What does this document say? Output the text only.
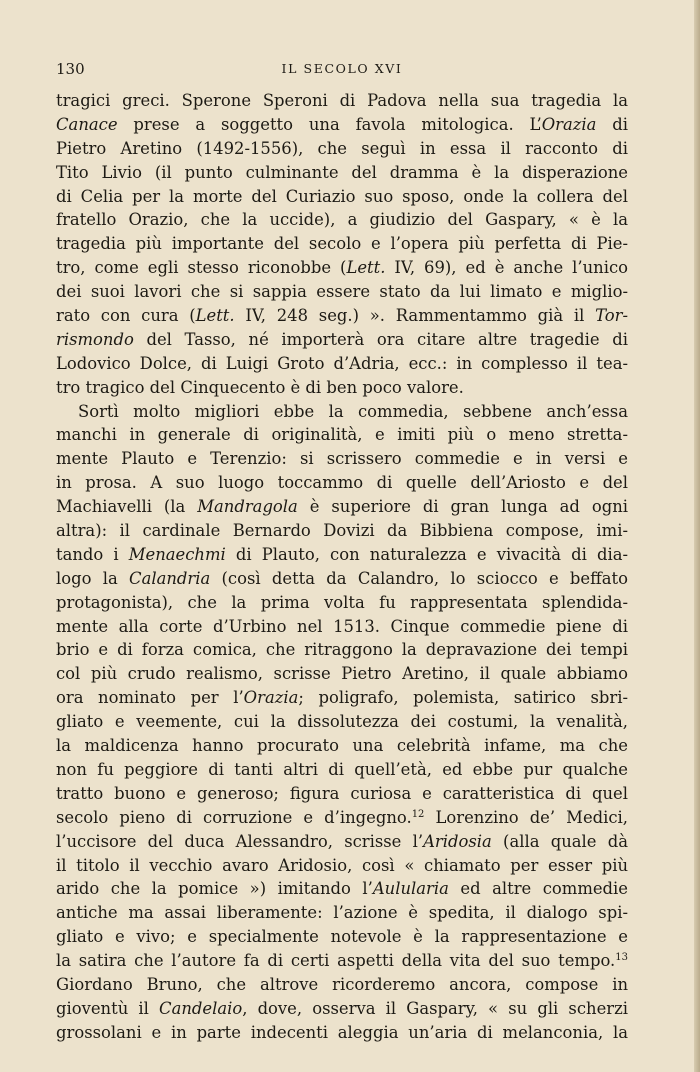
130	IL SECOLO XVI
tragici greci. Sperone Speroni di Padova nella sua tragedia la
Canace prese a soggetto una favola mitologica. L’Orazia di
Pietro Aretino (1492-1556), che seguì in essa il racconto di
Tito Livio (il punto culminante del dramma è la disperazione
di Celia per la morte del Curiazio suo sposo, onde la collera del
fratello Orazio, che la uccide), a giudizio del Gaspary, « è la
tragedia più importante del secolo e l’opera più perfetta di Pie-
tro, come egli stesso riconobbe (Lett. IV, 69), ed è anche l’unico
dei suoi lavori che si sappia essere stato da lui limato e miglio-
rato con cura (Lett. IV, 248 seg.) ». Rammentammo già il Tor-
rismondo del Tasso, né importerà ora citare altre tragedie di
Lodovico Dolce, di Luigi Groto d’Adria, ecc.: in complesso il tea-
tro tragico del Cinquecento è di ben poco valore.
Sortì molto migliori ebbe la commedia, sebbene anch’essa
manchi in generale di originalità, e imiti più o meno stretta-
mente Plauto e Terenzio: si scrissero commedie e in versi e
in prosa. A suo luogo toccammo di quelle dell’Ariosto e del
Machiavelli (la Mandragola è superiore di gran lunga ad ogni
altra): il cardinale Bernardo Dovizi da Bibbiena compose, imi-
tando i Menaechmi di Plauto, con naturalezza e vivacità di dia-
logo la Calandria (così detta da Calandro, lo sciocco e beffato
protagonista), che la prima volta fu rappresentata splendida-
mente alla corte d’Urbino nel 1513. Cinque commedie piene di
brio e di forza comica, che ritraggono la depravazione dei tempi
col più crudo realismo, scrisse Pietro Aretino, il quale abbiamo
ora nominato per l’Orazia; poligrafo, polemista, satirico sbri-
gliato e veemente, cui la dissolutezza dei costumi, la venalità,
la maldicenza hanno procurato una celebrità infame, ma che
non fu peggiore di tanti altri di quell’età, ed ebbe pur qualche
tratto buono e generoso; figura curiosa e caratteristica di quel
secolo pieno di corruzione e d’ingegno.$^{12}$ Lorenzino de’ Medici,
l’uccisore del duca Alessandro, scrisse l’Aridosia (alla quale dà
il titolo il vecchio avaro Aridosio, così « chiamato per esser più
arido che la pomice ») imitando l’Aulularia ed altre commedie
antiche ma assai liberamente: l’azione è spedita, il dialogo spi-
gliato e vivo; e specialmente notevole è la rappresentazione e
la satira che l’autore fa di certi aspetti della vita del suo tempo.$^{13}$
Giordano Bruno, che altrove ricorderemo ancora, compose in
gioventù il Candelaio, dove, osserva il Gaspary, « su gli scherzi
grossolani e in parte indecenti aleggia un’aria di melanconia, la
